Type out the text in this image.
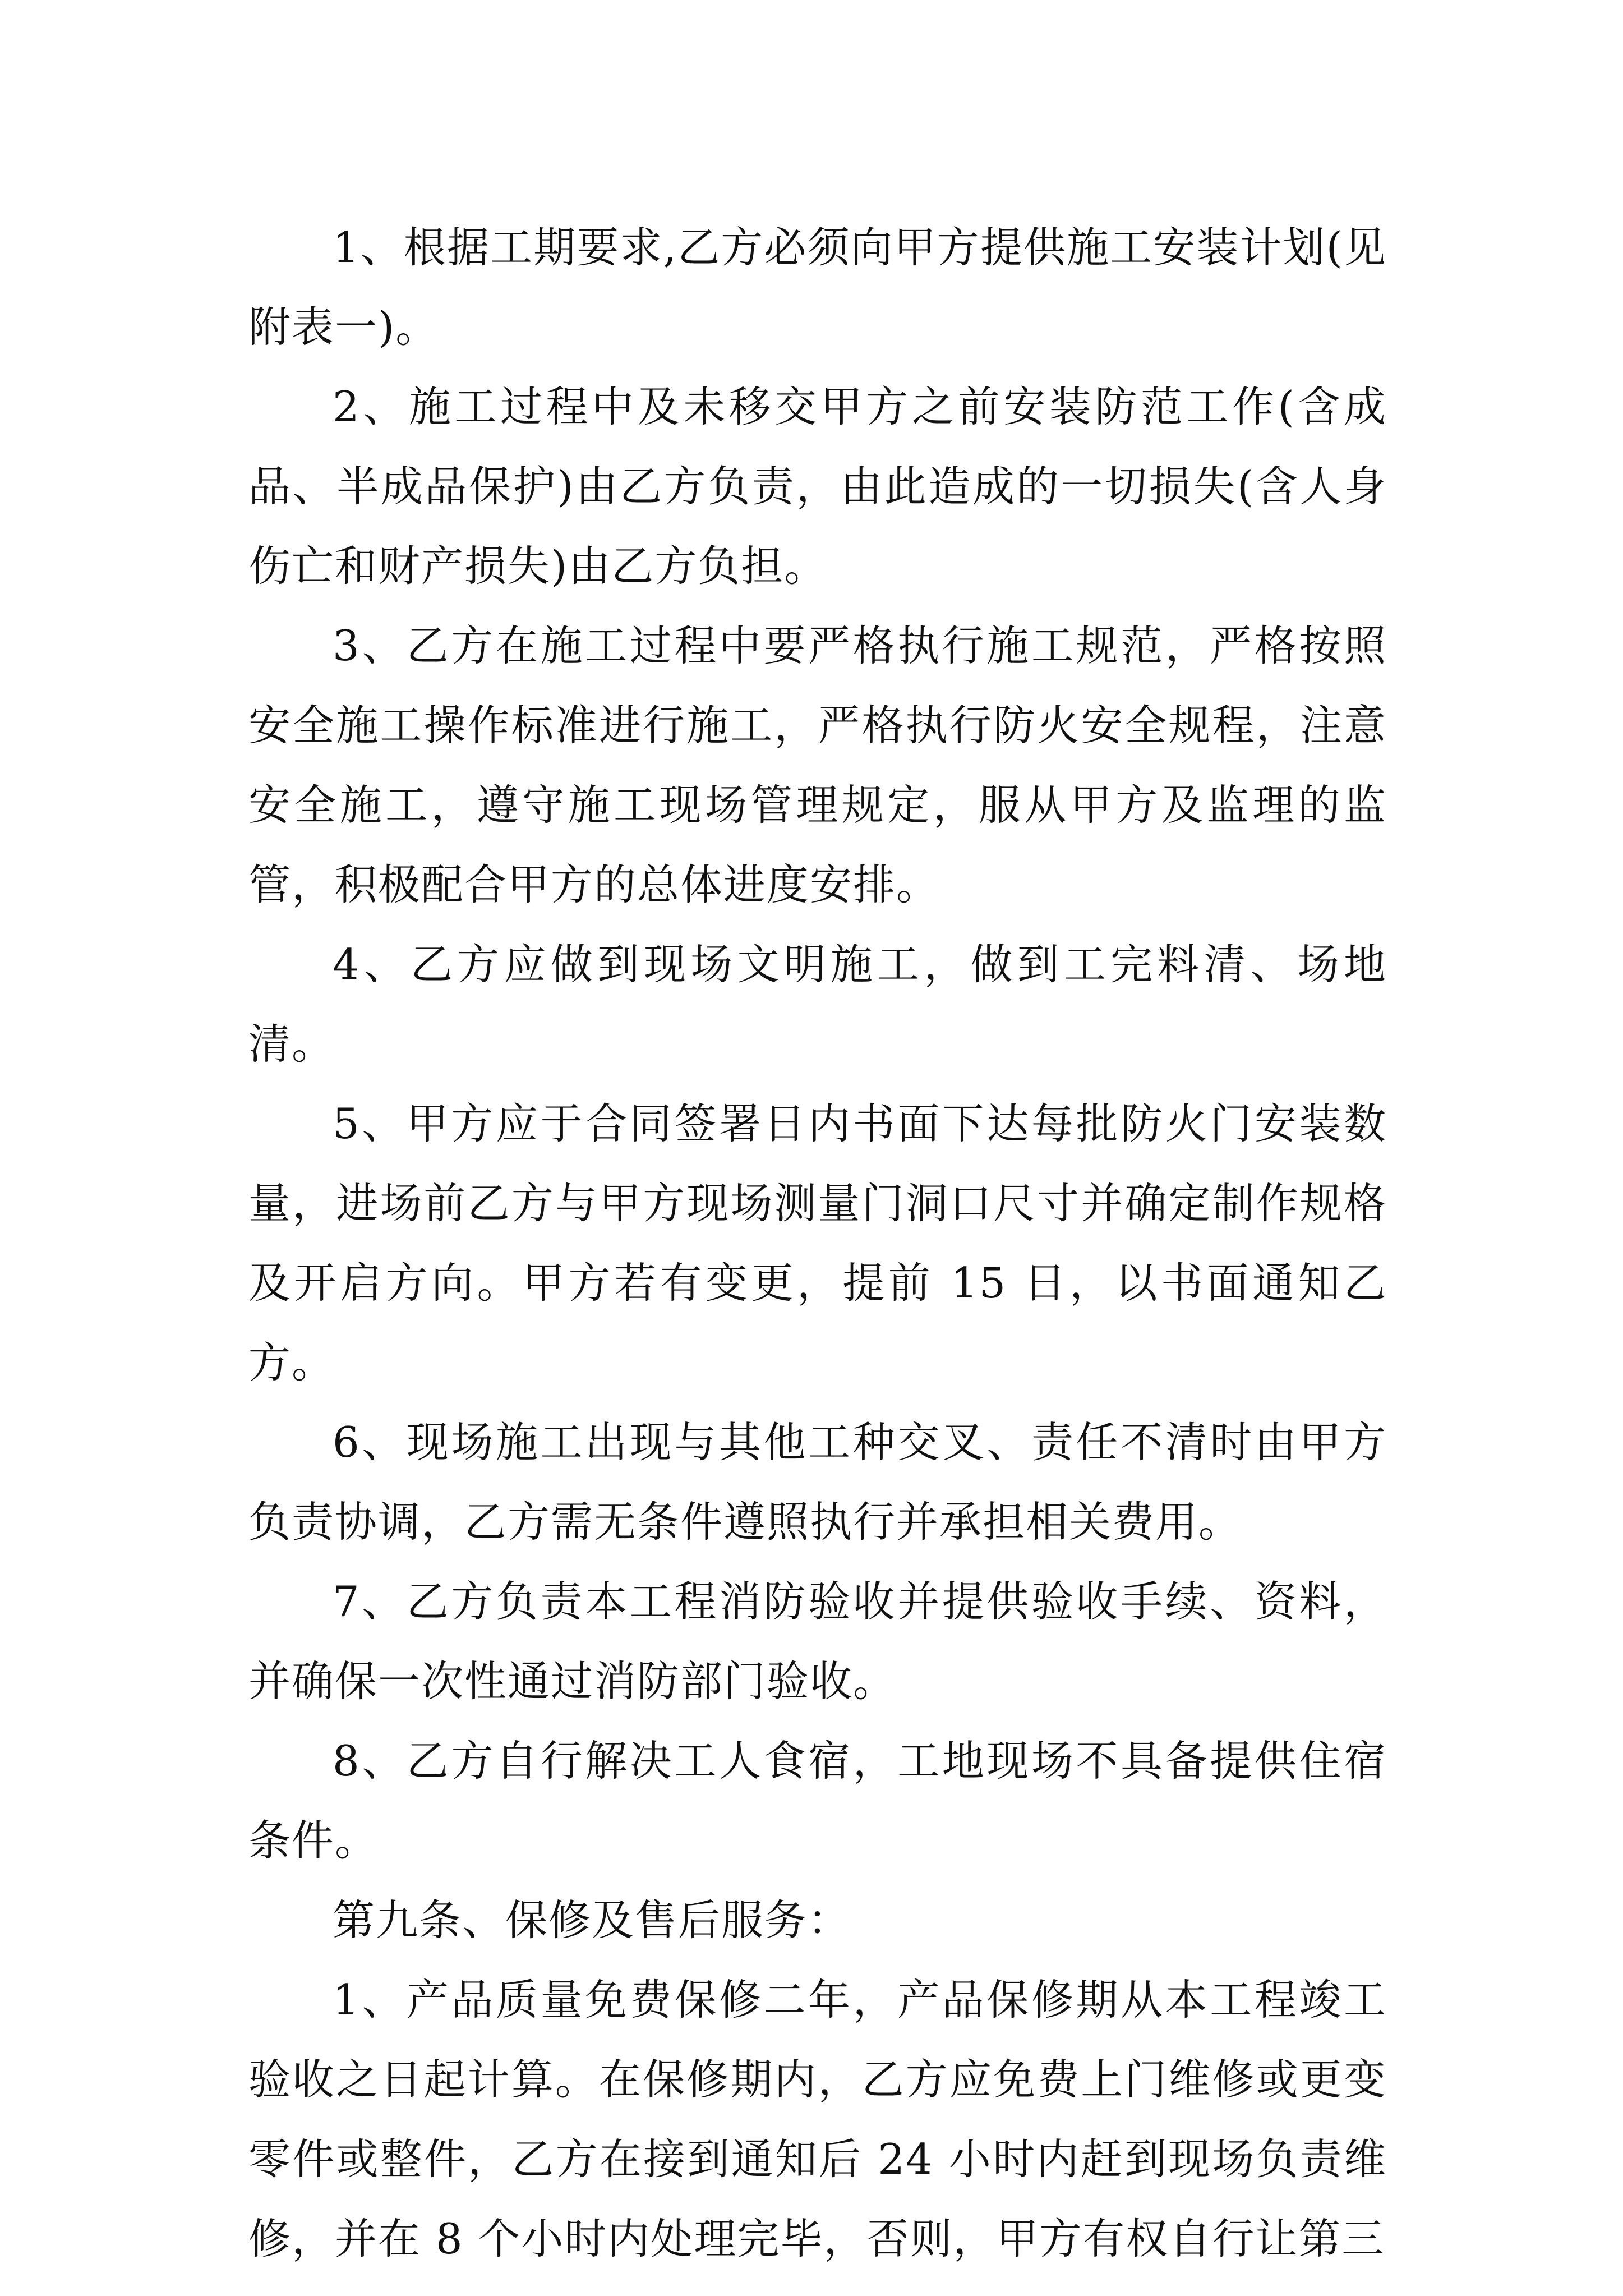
1、根据工期要求,乙方必须向甲方提供施工安装计划(见附表一)。

2、施工过程中及未移交甲方之前安装防范工作(含成品、半成品保护)由乙方负责，由此造成的一切损失(含人身伤亡和财产损失)由乙方负担。

3、乙方在施工过程中要严格执行施工规范，严格按照安全施工操作标准进行施工，严格执行防火安全规程，注意安全施工，遵守施工现场管理规定，服从甲方及监理的监管，积极配合甲方的总体进度安排。

4、乙方应做到现场文明施工，做到工完料清、场地清。

5、甲方应于合同签署日内书面下达每批防火门安装数量，进场前乙方与甲方现场测量门洞口尺寸并确定制作规格及开启方向。甲方若有变更，提前 15 日，以书面通知乙方。

6、现场施工出现与其他工种交叉、责任不清时由甲方负责协调，乙方需无条件遵照执行并承担相关费用。

7、乙方负责本工程消防验收并提供验收手续、资料，并确保一次性通过消防部门验收。

8、乙方自行解决工人食宿，工地现场不具备提供住宿条件。

第九条、保修及售后服务：

1、产品质量免费保修二年，产品保修期从本工程竣工验收之日起计算。在保修期内，乙方应免费上门维修或更变零件或整件，乙方在接到通知后 24 小时内赶到现场负责维修，并在 8 个小时内处理完毕，否则，甲方有权自行让第三
